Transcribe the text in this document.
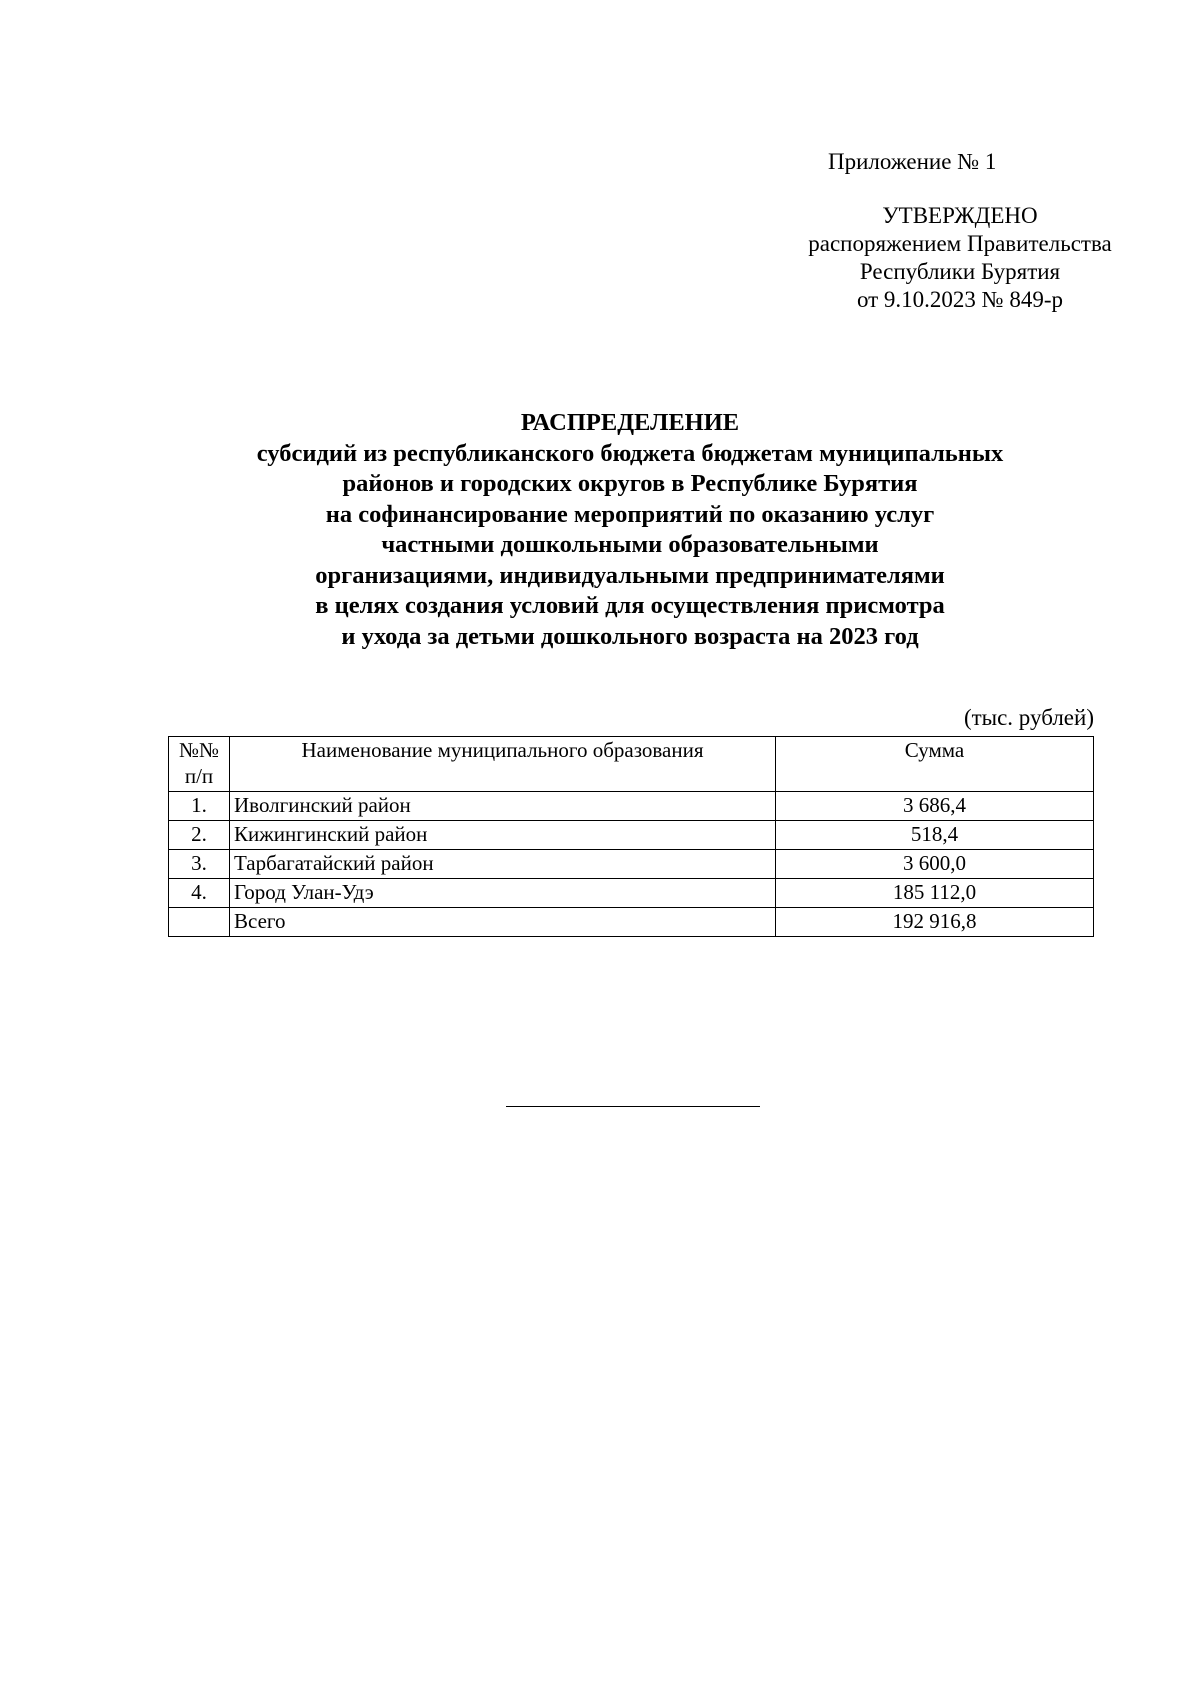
Приложение № 1
УТВЕРЖДЕНО
распоряжением Правительства
Республики Бурятия
от 9.10.2023 № 849-р
РАСПРЕДЕЛЕНИЕ
субсидий из республиканского бюджета бюджетам муниципальных
районов и городских округов в Республике Бурятия
на софинансирование мероприятий по оказанию услуг
частными дошкольными образовательными
организациями, индивидуальными предпринимателями
в целях создания условий для осуществления присмотра
и ухода за детьми дошкольного возраста на 2023 год
(тыс. рублей)
№№
п/п	Наименование муниципального образования	Сумма
1.	Иволгинский район	3 686,4
2.	Кижингинский район	518,4
3.	Тарбагатайский район	3 600,0
4.	Город Улан-Удэ	185 112,0
	Всего	192 916,8
